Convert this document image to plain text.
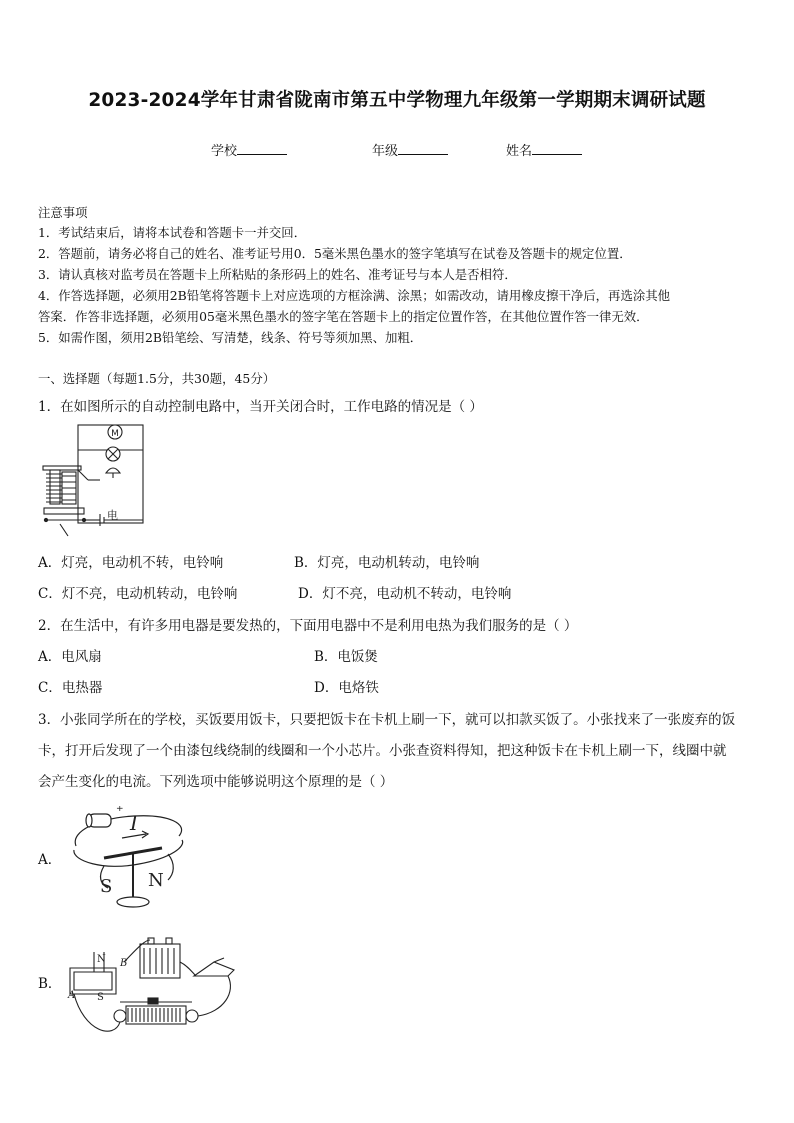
2023-2024学年甘肃省陇南市第五中学物理九年级第一学期期末调研试题
学校	年级	姓名
注意事项
1．考试结束后，请将本试卷和答题卡一并交回．
2．答题前，请务必将自己的姓名、准考证号用0．5毫米黑色墨水的签字笔填写在试卷及答题卡的规定位置．
3．请认真核对监考员在答题卡上所粘贴的条形码上的姓名、准考证号与本人是否相符．
4．作答选择题，必须用2B铅笔将答题卡上对应选项的方框涂满、涂黑；如需改动，请用橡皮擦干净后，再选涂其他
答案．作答非选择题，必须用05毫米黑色墨水的签字笔在答题卡上的指定位置作答，在其他位置作答一律无效．
5．如需作图，须用2B铅笔绘、写清楚，线条、符号等须加黑、加粗．
一、选择题（每题1.5分，共30题，45分）
1．在如图所示的自动控制电路中，当开关闭合时，工作电路的情况是（ ）
M
电
A．灯亮，电动机不转，电铃响	B．灯亮，电动机转动，电铃响
C．灯不亮，电动机转动，电铃响	D．灯不亮，电动机不转动，电铃响
2．在生活中，有许多用电器是要发热的，下面用电器中不是利用电热为我们服务的是（ ）
A．电风扇	B．电饭煲
C．电热器	D．电烙铁
3．小张同学所在的学校，买饭要用饭卡，只要把饭卡在卡机上刷一下，就可以扣款买饭了。小张找来了一张废弃的饭
卡，打开后发现了一个由漆包线绕制的线圈和一个小芯片。小张查资料得知，把这种饭卡在卡机上刷一下，线圈中就
会产生变化的电流。下列选项中能够说明这个原理的是（ ）
A．
+
I
S N
B．
N
S
A
B
